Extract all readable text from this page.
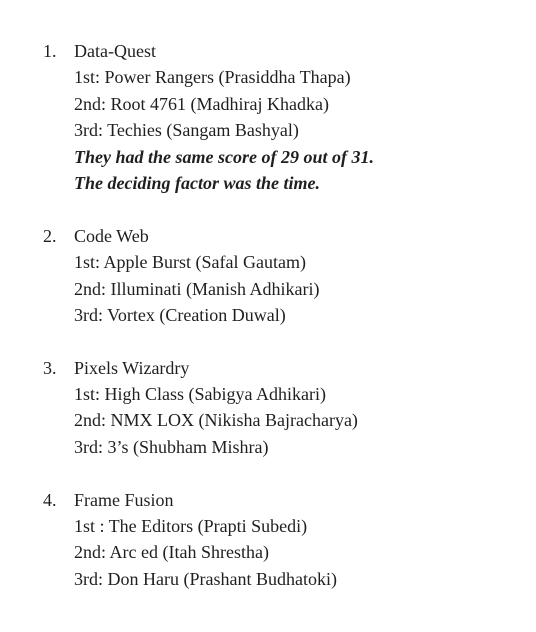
1. Data-Quest
1st: Power Rangers (Prasiddha Thapa)
2nd: Root 4761 (Madhiraj Khadka)
3rd: Techies (Sangam Bashyal)
They had the same score of 29 out of 31.
The deciding factor was the time.
2. Code Web
1st: Apple Burst (Safal Gautam)
2nd: Illuminati (Manish Adhikari)
3rd: Vortex (Creation Duwal)
3. Pixels Wizardry
1st: High Class (Sabigya Adhikari)
2nd: NMX LOX (Nikisha Bajracharya)
3rd: 3’s (Shubham Mishra)
4. Frame Fusion
1st : The Editors (Prapti Subedi)
2nd: Arc ed (Itah Shrestha)
3rd: Don Haru (Prashant Budhatoki)
